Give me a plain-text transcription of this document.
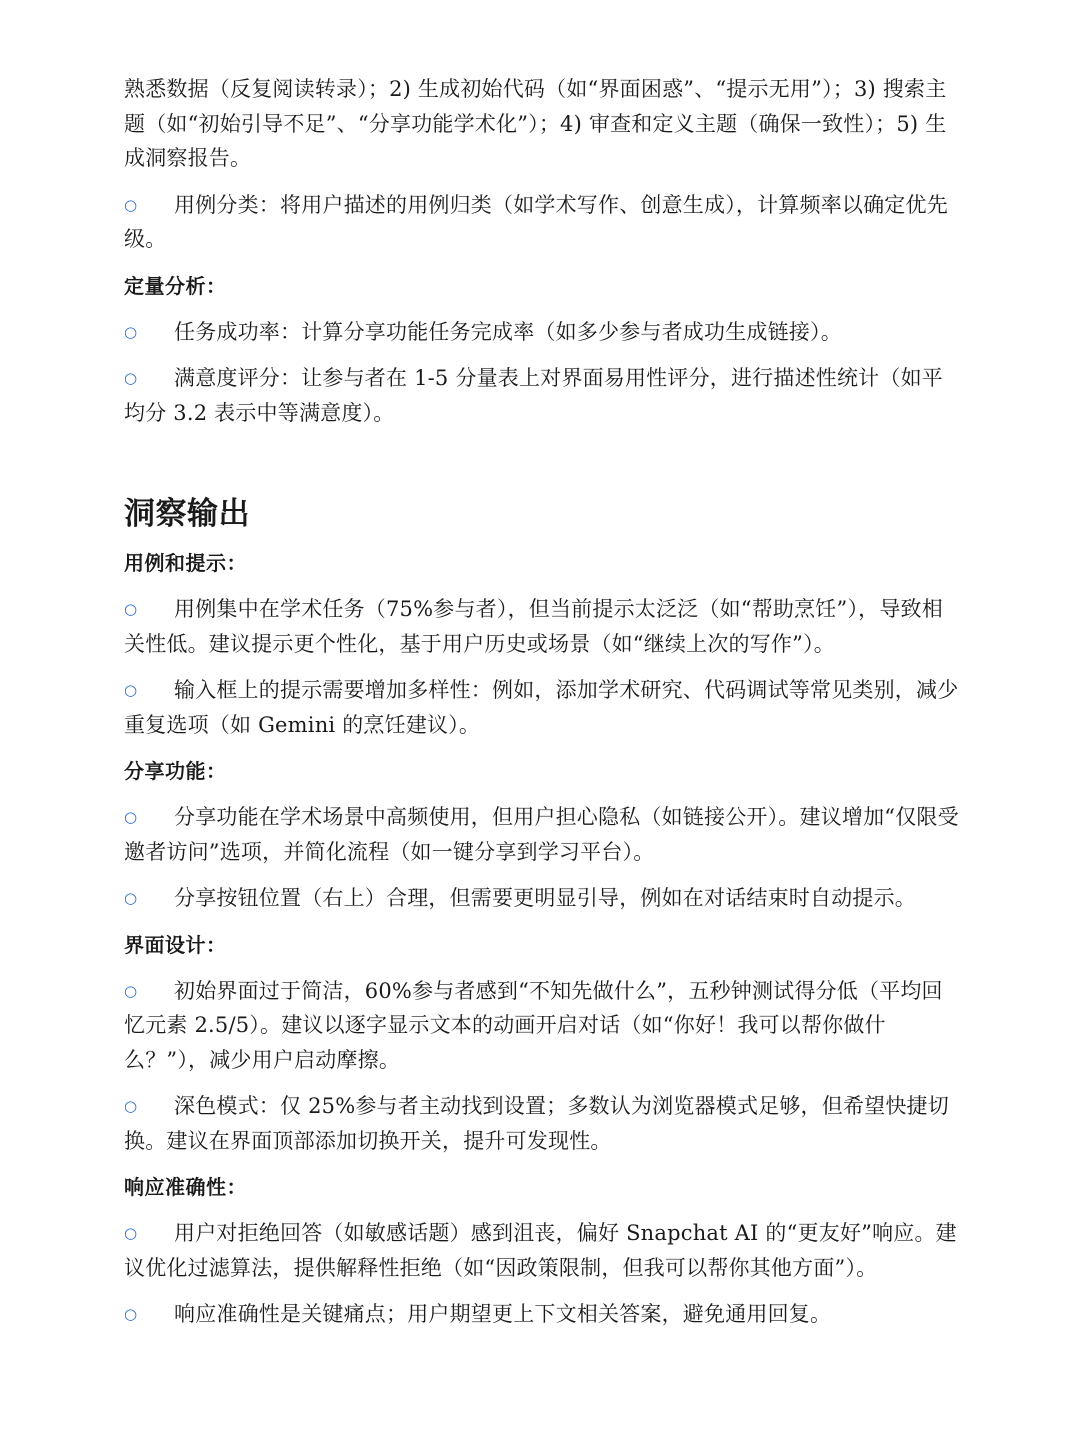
熟悉数据（反复阅读转录）；2) 生成初始代码（如“界面困惑”、“提示无用”）；3) 搜索主题（如“初始引导不足”、“分享功能学术化”）；4) 审查和定义主题（确保一致性）；5) 生成洞察报告。

○	用例分类：将用户描述的用例归类（如学术写作、创意生成），计算频率以确定优先级。
定量分析：
○	任务成功率：计算分享功能任务完成率（如多少参与者成功生成链接）。
○	满意度评分：让参与者在 1-5 分量表上对界面易用性评分，进行描述性统计（如平均分 3.2 表示中等满意度）。
洞察输出
用例和提示：
○	用例集中在学术任务（75%参与者），但当前提示太泛泛（如“帮助烹饪”），导致相关性低。建议提示更个性化，基于用户历史或场景（如“继续上次的写作”）。
○	输入框上的提示需要增加多样性：例如，添加学术研究、代码调试等常见类别，减少重复选项（如 Gemini 的烹饪建议）。
分享功能：
○	分享功能在学术场景中高频使用，但用户担心隐私（如链接公开）。建议增加“仅限受邀者访问”选项，并简化流程（如一键分享到学习平台）。
○	分享按钮位置（右上）合理，但需要更明显引导，例如在对话结束时自动提示。
界面设计：
○	初始界面过于简洁，60%参与者感到“不知先做什么”，五秒钟测试得分低（平均回忆元素 2.5/5）。建议以逐字显示文本的动画开启对话（如“你好！我可以帮你做什么？”），减少用户启动摩擦。
○	深色模式：仅 25%参与者主动找到设置；多数认为浏览器模式足够，但希望快捷切换。建议在界面顶部添加切换开关，提升可发现性。
响应准确性：
○	用户对拒绝回答（如敏感话题）感到沮丧，偏好 Snapchat AI 的“更友好”响应。建议优化过滤算法，提供解释性拒绝（如“因政策限制，但我可以帮你其他方面”）。
○	响应准确性是关键痛点；用户期望更上下文相关答案，避免通用回复。
